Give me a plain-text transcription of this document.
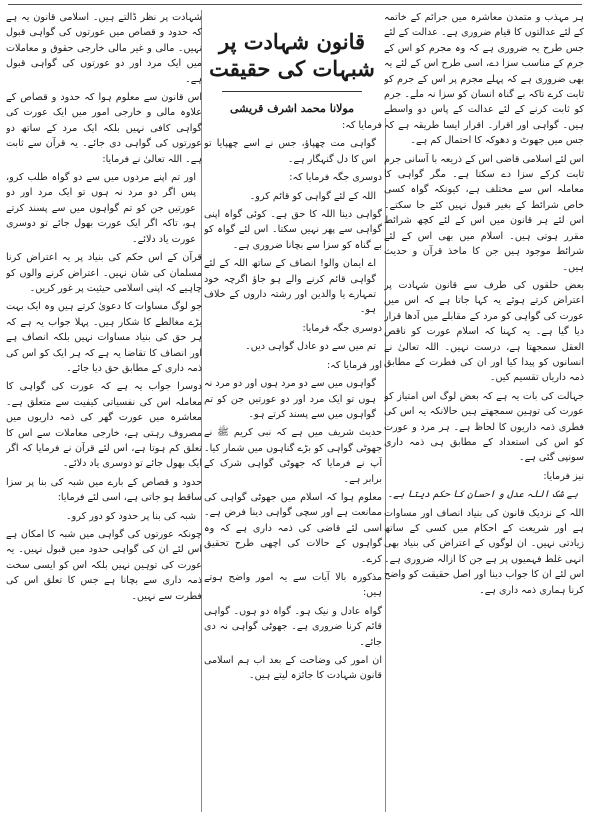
قانون شہادت پر شبہات کی حقیقت
مولانا محمد اشرف قریشی

ہر مہذب و متمدن معاشرہ میں جرائم کے خاتمہ کے لئے عدالتوں کا قیام ضروری ہے۔ عدالت کے لئے جس طرح یہ ضروری ہے کہ وہ مجرم کو اس کے جرم کے مناسب سزا دے، اسی طرح اس کے لئے یہ بھی ضروری ہے کہ پہلے مجرم پر اس کے جرم کو ثابت کرے تاکہ بے گناہ انسان کو سزا نہ ملے۔ جرم کو ثابت کرنے کے لئے عدالت کے پاس دو واسطے ہیں۔ گواہی اور اقرار۔ اقرار ایسا طریقہ ہے کہ جس میں جھوٹ و دھوکہ کا احتمال کم ہے۔

اس لئے اسلامی قاضی اس کے ذریعہ با آسانی جرم ثابت کرکے سزا دے سکتا ہے۔ مگر گواہی کا معاملہ اس سے مختلف ہے، کیونکہ گواہ کسی خاص شرائط کے بغیر قبول نہیں کئے جا سکتے۔ اس لئے ہر قانون میں اس کے لئے کچھ شرائط مقرر ہوتی ہیں۔ اسلام میں بھی اس کے لئے شرائط موجود ہیں جن کا ماخذ قرآن و حدیث ہیں۔

بعض حلقوں کی طرف سے قانون شہادت پر اعتراض کرتے ہوئے یہ کہا جاتا ہے کہ اس میں عورت کی گواہی کو مرد کے مقابلے میں آدھا قرار دیا گیا ہے۔ یہ کہنا کہ اسلام عورت کو ناقص العقل سمجھتا ہے، درست نہیں۔ اللہ تعالیٰ نے انسانوں کو پیدا کیا اور ان کی فطرت کے مطابق ذمہ داریاں تقسیم کیں۔

جہالت کی بات یہ ہے کہ بعض لوگ اس امتیاز کو عورت کی توہین سمجھتے ہیں حالانکہ یہ اس کی فطری ذمہ داریوں کا لحاظ ہے۔ ہر مرد و عورت کو اس کی استعداد کے مطابق ہی ذمہ داری سونپی گئی ہے۔

نیز فرمایا:

بے شک اللہ عدل و احسان کا حکم دیتا ہے۔

اللہ کے نزدیک قانون کی بنیاد انصاف اور مساوات ہے اور شریعت کے احکام میں کسی کے ساتھ زیادتی نہیں۔ ان لوگوں کے اعتراض کی بنیاد بھی انہی غلط فہمیوں پر ہے جن کا ازالہ ضروری ہے۔ اس لئے ان کا جواب دینا اور اصل حقیقت کو واضح کرنا ہماری ذمہ داری ہے۔

فرمایا کہ:

گواہی مت چھپاؤ، جس نے اسے چھپایا تو اس کا دل گنہگار ہے۔

دوسری جگہ فرمایا کہ:

اللہ کے لئے گواہی کو قائم کرو۔

گواہی دینا اللہ کا حق ہے۔ کوئی گواہ اپنی گواہی سے پھر نہیں سکتا۔ اس لئے گواہ کو بے گناہ کو سزا سے بچانا ضروری ہے۔

اے ایمان والو! انصاف کے ساتھ اللہ کے لئے گواہی قائم کرنے والے ہو جاؤ اگرچہ خود تمہارے یا والدین اور رشتہ داروں کے خلاف ہو۔

دوسری جگہ فرمایا:

تم میں سے دو عادل گواہی دیں۔

اور فرمایا کہ:

گواہوں میں سے دو مرد ہوں اور دو مرد نہ ہوں تو ایک مرد اور دو عورتیں جن کو تم گواہوں میں سے پسند کرتے ہو۔

حدیث شریف میں ہے کہ نبی کریم ﷺ نے جھوٹی گواہی کو بڑے گناہوں میں شمار کیا۔ آپ نے فرمایا کہ جھوٹی گواہی شرک کے برابر ہے۔

معلوم ہوا کہ اسلام میں جھوٹی گواہی کی ممانعت ہے اور سچی گواہی دینا فرض ہے۔ اسی لئے قاضی کی ذمہ داری ہے کہ وہ گواہوں کے حالات کی اچھی طرح تحقیق کرے۔

مذکورہ بالا آیات سے یہ امور واضح ہوتے ہیں:

گواہ عادل و نیک ہو۔ گواہ دو ہوں۔ گواہی قائم کرنا ضروری ہے۔ جھوٹی گواہی نہ دی جائے۔

ان امور کی وضاحت کے بعد اب ہم اسلامی قانون شہادت کا جائزہ لیتے ہیں۔

شہادت پر نظر ڈالتے ہیں۔ اسلامی قانون یہ ہے کہ حدود و قصاص میں عورتوں کی گواہی قبول نہیں۔ مالی و غیر مالی خارجی حقوق و معاملات میں ایک مرد اور دو عورتوں کی گواہی قبول ہے۔

اس قانون سے معلوم ہوا کہ حدود و قصاص کے علاوہ مالی و خارجی امور میں ایک عورت کی گواہی کافی نہیں بلکہ ایک مرد کے ساتھ دو عورتوں کی گواہی دی جائے۔ یہ قرآن سے ثابت ہے۔ اللہ تعالیٰ نے فرمایا:

اور تم اپنے مردوں میں سے دو گواہ طلب کرو، پس اگر دو مرد نہ ہوں تو ایک مرد اور دو عورتیں جن کو تم گواہوں میں سے پسند کرتے ہو، تاکہ اگر ایک عورت بھول جائے تو دوسری عورت یاد دلائے۔

قرآن کے اس حکم کی بنیاد پر یہ اعتراض کرنا مسلمان کی شان نہیں۔ اعتراض کرنے والوں کو چاہیے کہ اپنی اسلامی حیثیت پر غور کریں۔

جو لوگ مساوات کا دعویٰ کرتے ہیں وہ ایک بہت بڑے مغالطے کا شکار ہیں۔ پہلا جواب یہ ہے کہ ہر حق کی بنیاد مساوات نہیں بلکہ انصاف ہے اور انصاف کا تقاضا یہ ہے کہ ہر ایک کو اس کی ذمہ داری کے مطابق حق دیا جائے۔

دوسرا جواب یہ ہے کہ عورت کی گواہی کا معاملہ اس کی نفسیاتی کیفیت سے متعلق ہے۔ معاشرہ میں عورت گھر کی ذمہ داریوں میں مصروف رہتی ہے، خارجی معاملات سے اس کا تعلق کم ہوتا ہے، اس لئے قرآن نے فرمایا کہ اگر ایک بھول جائے تو دوسری یاد دلائے۔

حدود و قصاص کے بارے میں شبہ کی بنا پر سزا ساقط ہو جاتی ہے، اسی لئے فرمایا:

شبہ کی بنا پر حدود کو دور کرو۔

چونکہ عورتوں کی گواہی میں شبہ کا امکان ہے اس لئے ان کی گواہی حدود میں قبول نہیں۔ یہ عورت کی توہین نہیں بلکہ اس کو ایسی سخت ذمہ داری سے بچانا ہے جس کا تعلق اس کی فطرت سے نہیں۔
